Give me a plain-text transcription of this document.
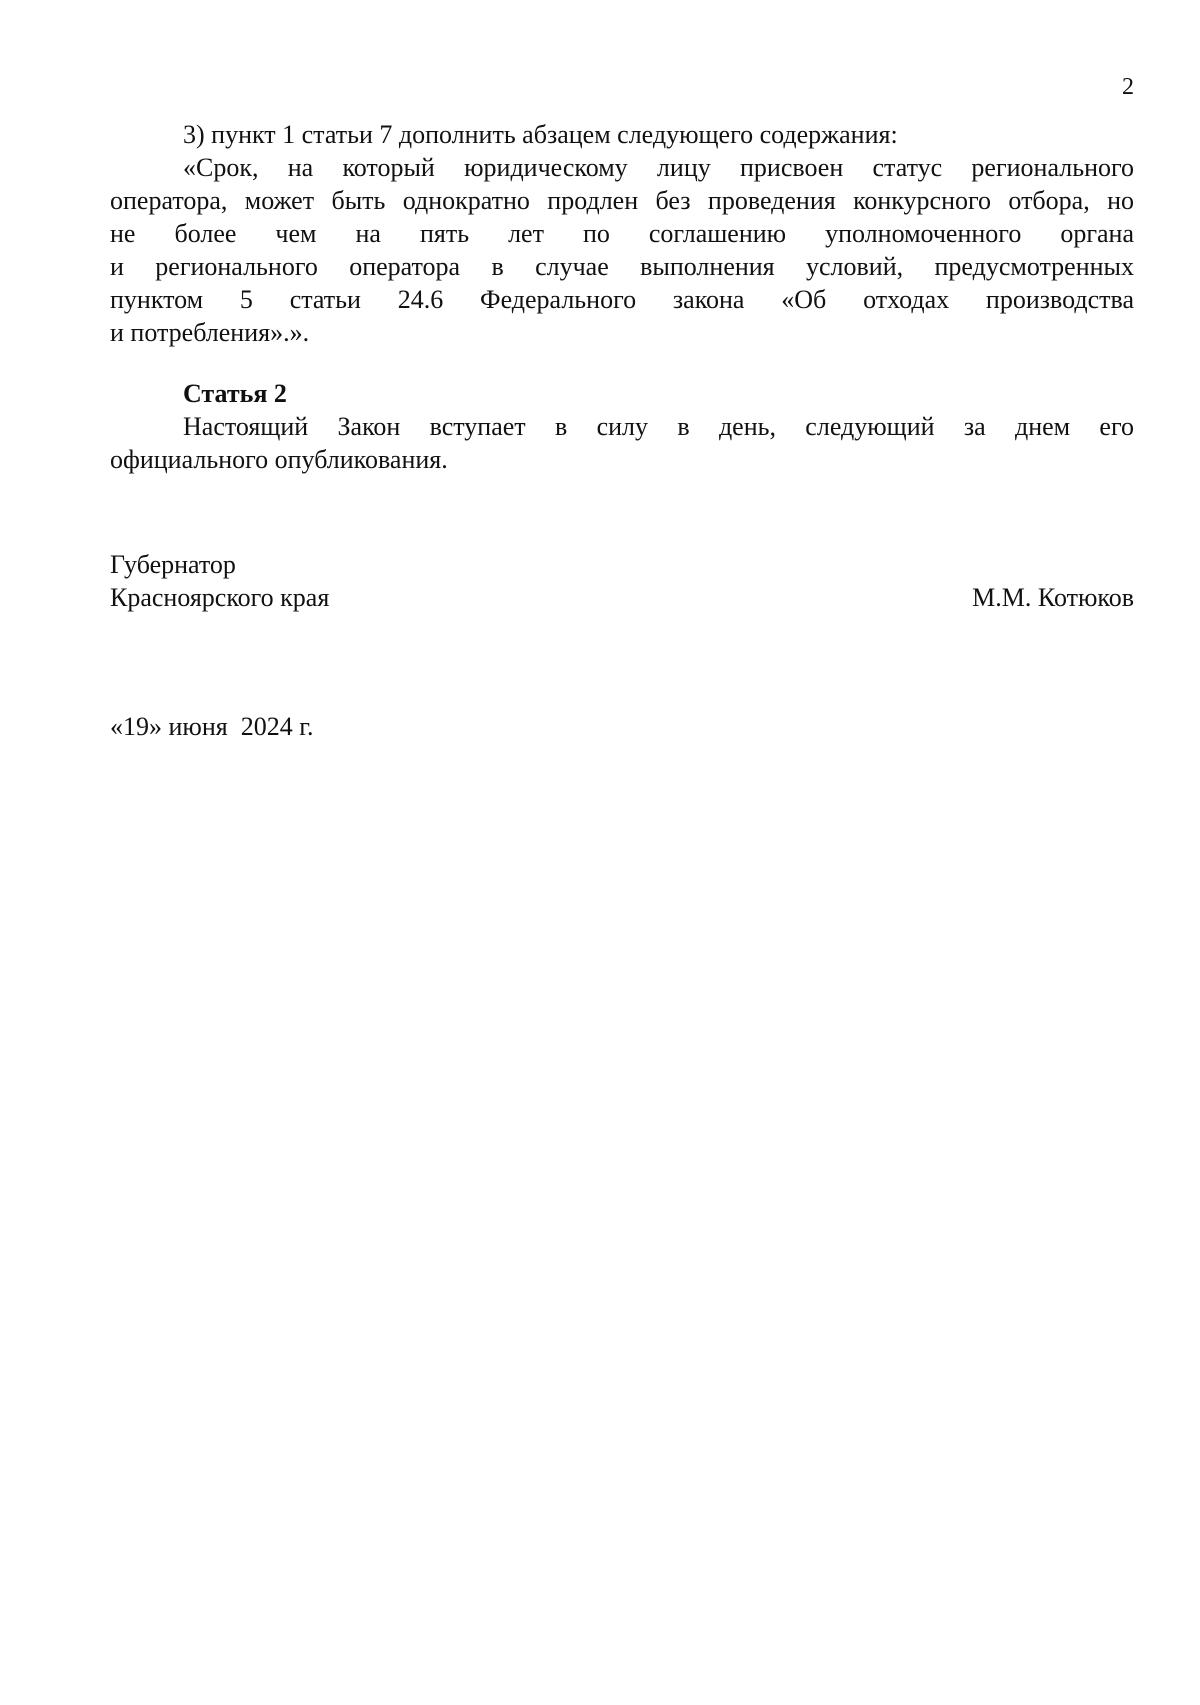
2

3) пункт 1 статьи 7 дополнить абзацем следующего содержания:

«Срок, на который юридическому лицу присвоен статус регионального
оператора, может быть однократно продлен без проведения конкурсного отбора, но
не более чем на пять лет по соглашению уполномоченного органа
и регионального оператора в случае выполнения условий, предусмотренных
пунктом 5 статьи 24.6 Федерального закона «Об отходах производства
и потребления».».

Статья 2

Настоящий Закон вступает в силу в день, следующий за днем его
официального опубликования.

Губернатор
Красноярского края	М.М. Котюков
«19» июня  2024 г.
